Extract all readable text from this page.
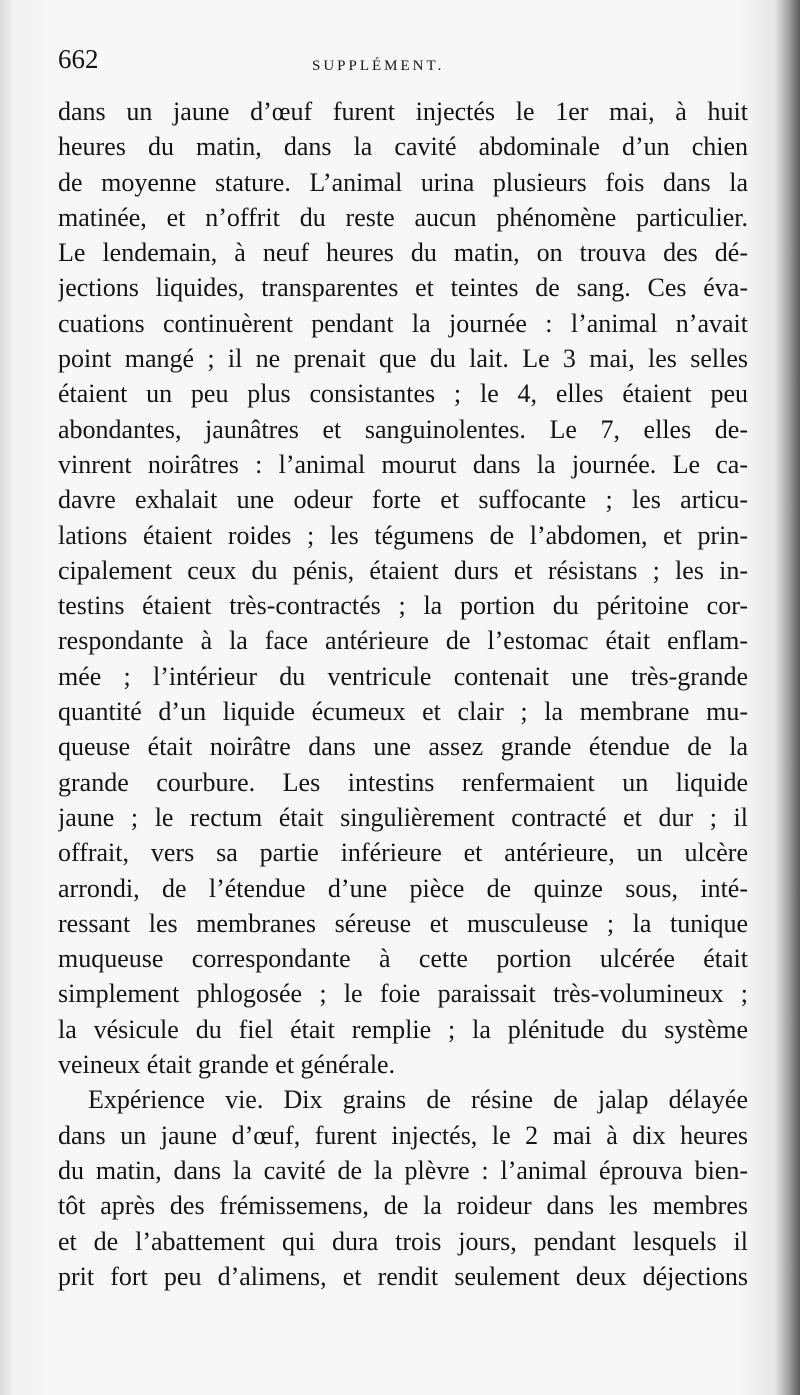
662	SUPPLÉMENT.
dans un jaune d’œuf furent injectés le 1er mai, à huit
heures du matin, dans la cavité abdominale d’un chien
de moyenne stature. L’animal urina plusieurs fois dans la
matinée, et n’offrit du reste aucun phénomène particulier.
Le lendemain, à neuf heures du matin, on trouva des dé-
jections liquides, transparentes et teintes de sang. Ces éva-
cuations continuèrent pendant la journée : l’animal n’avait
point mangé ; il ne prenait que du lait. Le 3 mai, les selles
étaient un peu plus consistantes ; le 4, elles étaient peu
abondantes, jaunâtres et sanguinolentes. Le 7, elles de-
vinrent noirâtres : l’animal mourut dans la journée. Le ca-
davre exhalait une odeur forte et suffocante ; les articu-
lations étaient roides ; les tégumens de l’abdomen, et prin-
cipalement ceux du pénis, étaient durs et résistans ; les in-
testins étaient très-contractés ; la portion du péritoine cor-
respondante à la face antérieure de l’estomac était enflam-
mée ; l’intérieur du ventricule contenait une très-grande
quantité d’un liquide écumeux et clair ; la membrane mu-
queuse était noirâtre dans une assez grande étendue de la
grande courbure. Les intestins renfermaient un liquide
jaune ; le rectum était singulièrement contracté et dur ; il
offrait, vers sa partie inférieure et antérieure, un ulcère
arrondi, de l’étendue d’une pièce de quinze sous, inté-
ressant les membranes séreuse et musculeuse ; la tunique
muqueuse correspondante à cette portion ulcérée était
simplement phlogosée ; le foie paraissait très-volumineux ;
la vésicule du fiel était remplie ; la plénitude du système
veineux était grande et générale.
Expérience vie. Dix grains de résine de jalap délayée
dans un jaune d’œuf, furent injectés, le 2 mai à dix heures
du matin, dans la cavité de la plèvre : l’animal éprouva bien-
tôt après des frémissemens, de la roideur dans les membres
et de l’abattement qui dura trois jours, pendant lesquels il
prit fort peu d’alimens, et rendit seulement deux déjections
